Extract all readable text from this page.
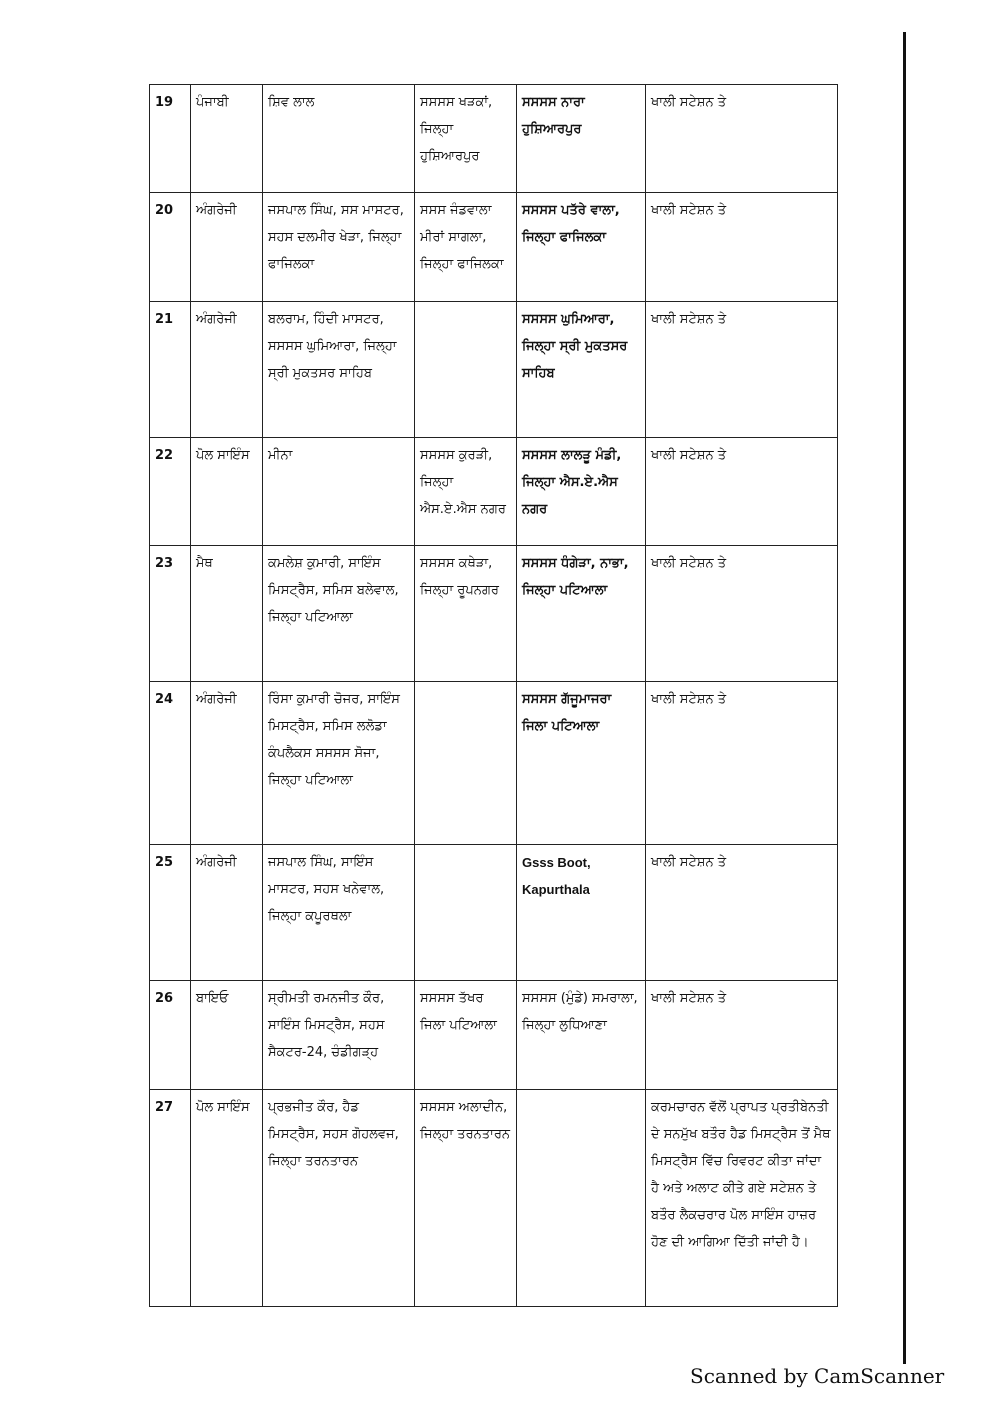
19	ਪੰਜਾਬੀ	ਸ਼ਿਵ ਲਾਲ	ਸਸਸਸ ਖੜਕਾਂ, ਜਿਲ੍ਹਾ ਹੁਸ਼ਿਆਰਪੁਰ	ਸਸਸਸ ਨਾਰਾ ਹੁਸ਼ਿਆਰਪੁਰ	ਖਾਲੀ ਸਟੇਸ਼ਨ ਤੇ
20	ਅੰਗਰੇਜੀ	ਜਸਪਾਲ ਸਿੰਘ, ਸਸ ਮਾਸਟਰ, ਸਹਸ ਦਲਮੀਰ ਖੇੜਾ, ਜਿਲ੍ਹਾ ਫਾਜਿਲਕਾ	ਸਸਸ ਜੰਡਵਾਲਾ ਮੀਰਾਂ ਸਾਗਲਾ, ਜਿਲ੍ਹਾ ਫਾਜਿਲਕਾ	ਸਸਸਸ ਪਤੱਰੇ ਵਾਲਾ, ਜਿਲ੍ਹਾ ਫਾਜਿਲਕਾ	ਖਾਲੀ ਸਟੇਸ਼ਨ ਤੇ
21	ਅੰਗਰੇਜੀ	ਬਲਰਾਮ, ਹਿੰਦੀ ਮਾਸਟਰ, ਸਸਸਸ ਘੁਮਿਆਰਾ, ਜਿਲ੍ਹਾ ਸ੍ਰੀ ਮੁਕਤਸਰ ਸਾਹਿਬ		ਸਸਸਸ ਘੁਮਿਆਰਾ, ਜਿਲ੍ਹਾ ਸ੍ਰੀ ਮੁਕਤਸਰ ਸਾਹਿਬ	ਖਾਲੀ ਸਟੇਸ਼ਨ ਤੇ
22	ਪੋਲ ਸਾਇੰਸ	ਮੀਨਾ	ਸਸਸਸ ਕੁਰੜੀ, ਜਿਲ੍ਹਾ ਐਸ.ਏ.ਐਸ ਨਗਰ	ਸਸਸਸ ਲਾਲੜੂ ਮੰਡੀ, ਜਿਲ੍ਹਾ ਐਸ.ਏ.ਐਸ ਨਗਰ	ਖਾਲੀ ਸਟੇਸ਼ਨ ਤੇ
23	ਮੈਥ	ਕਮਲੇਸ਼ ਕੁਮਾਰੀ, ਸਾਇੰਸ ਮਿਸਟ੍ਰੈਸ, ਸਮਿਸ ਬਲੇਵਾਲ, ਜਿਲ੍ਹਾ ਪਟਿਆਲਾ	ਸਸਸਸ ਕਥੇੜਾ, ਜਿਲ੍ਹਾ ਰੂਪਨਗਰ	ਸਸਸਸ ਧੰਗੇੜਾ, ਨਾਭਾ, ਜਿਲ੍ਹਾ ਪਟਿਆਲਾ	ਖਾਲੀ ਸਟੇਸ਼ਨ ਤੇ
24	ਅੰਗਰੇਜੀ	ਰਿੰਸਾ ਕੁਮਾਰੀ ਚੋਜਰ, ਸਾਇੰਸ ਮਿਸਟ੍ਰੈਸ, ਸਮਿਸ ਲਲੋਡਾ ਕੰਪਲੈਕਸ ਸਸਸਸ ਸੋਜਾ, ਜਿਲ੍ਹਾ ਪਟਿਆਲਾ		ਸਸਸਸ ਗੱਜੂਮਾਜਰਾ ਜਿਲਾ ਪਟਿਆਲਾ	ਖਾਲੀ ਸਟੇਸ਼ਨ ਤੇ
25	ਅੰਗਰੇਜੀ	ਜਸਪਾਲ ਸਿੰਘ, ਸਾਇੰਸ ਮਾਸਟਰ, ਸਹਸ ਖਨੇਵਾਲ, ਜਿਲ੍ਹਾ ਕਪੂਰਥਲਾ		Gsss Boot, Kapurthala	ਖਾਲੀ ਸਟੇਸ਼ਨ ਤੇ
26	ਬਾਇਓ	ਸ੍ਰੀਮਤੀ ਰਮਨਜੀਤ ਕੌਰ, ਸਾਇੰਸ ਮਿਸਟ੍ਰੈਸ, ਸਹਸ ਸੈਕਟਰ-24, ਚੰਡੀਗੜ੍ਹ	ਸਸਸਸ ਤੱਖਰ ਜਿਲਾ ਪਟਿਆਲਾ	ਸਸਸਸ (ਮੁੰਡੇ) ਸਮਰਾਲਾ, ਜਿਲ੍ਹਾ ਲੁਧਿਆਣਾ	ਖਾਲੀ ਸਟੇਸ਼ਨ ਤੇ
27	ਪੋਲ ਸਾਇੰਸ	ਪ੍ਰਭਜੀਤ ਕੌਰ, ਹੈਡ ਮਿਸਟ੍ਰੈਸ, ਸਹਸ ਗੋਹਲਵਜ, ਜਿਲ੍ਹਾ ਤਰਨਤਾਰਨ	ਸਸਸਸ ਅਲਾਦੀਨ, ਜਿਲ੍ਹਾ ਤਰਨਤਾਰਨ		ਕਰਮਚਾਰਨ ਵੱਲੋਂ ਪ੍ਰਾਪਤ ਪ੍ਰਤੀਬੇਨਤੀ ਦੇ ਸਨਮੁੱਖ ਬਤੌਰ ਹੈਡ ਮਿਸਟ੍ਰੈਸ ਤੋਂ ਮੈਥ ਮਿਸਟ੍ਰੈਸ ਵਿੱਚ ਰਿਵਰਟ ਕੀਤਾ ਜਾਂਦਾ ਹੈ ਅਤੇ ਅਲਾਟ ਕੀਤੇ ਗਏ ਸਟੇਸ਼ਨ ਤੇ ਬਤੌਰ ਲੈਕਚਰਾਰ ਪੋਲ ਸਾਇੰਸ ਹਾਜ਼ਰ ਹੋਣ ਦੀ ਆਗਿਆ ਦਿੱਤੀ ਜਾਂਦੀ ਹੈ।
Scanned by CamScanner
